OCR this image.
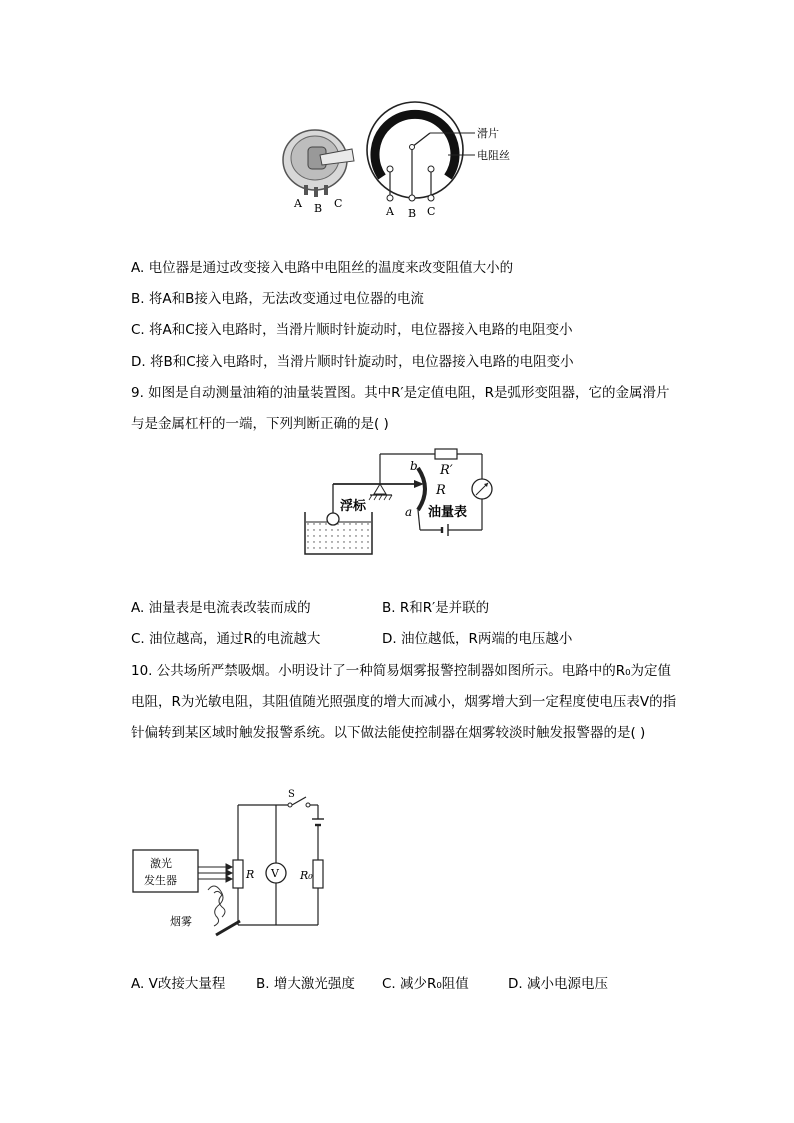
A B C
滑片
电阻丝
A B C
A. 电位器是通过改变接入电路中电阻丝的温度来改变阻值大小的
B. 将A和B接入电路，无法改变通过电位器的电流
C. 将A和C接入电路时，当滑片顺时针旋动时，电位器接入电路的电阻变小
D. 将B和C接入电路时，当滑片顺时针旋动时，电位器接入电路的电阻变小
9. 如图是自动测量油箱的油量装置图。其中R′是定值电阻，R是弧形变阻器，它的金属滑片
与是金属杠杆的一端，下列判断正确的是( )
b
a
R
R′
浮标	油量表
A. 油量表是电流表改装而成的	B. R和R′是并联的
C. 油位越高，通过R的电流越大	D. 油位越低，R两端的电压越小
10. 公共场所严禁吸烟。小明设计了一种简易烟雾报警控制器如图所示。电路中的R₀为定值
电阻，R为光敏电阻，其阻值随光照强度的增大而减小，烟雾增大到一定程度使电压表V的指
针偏转到某区域时触发报警系统。以下做法能使控制器在烟雾较淡时触发报警器的是( )
激光
发生器
烟雾
S
R₀
R V
A. V改接大量程 B. 增大激光强度 C. 减少R₀阻值	D. 减小电源电压
